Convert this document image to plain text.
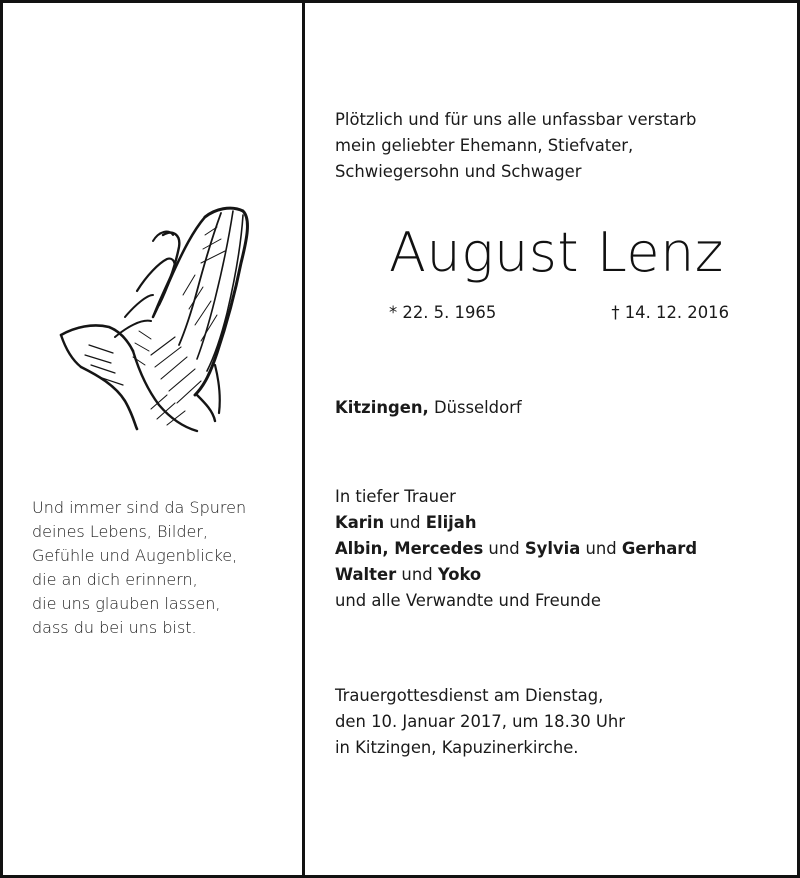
Und immer sind da Spuren
deines Lebens, Bilder,
Gefühle und Augenblicke,
die an dich erinnern,
die uns glauben lassen,
dass du bei uns bist.
Plötzlich und für uns alle unfassbar verstarb
mein geliebter Ehemann, Stiefvater,
Schwiegersohn und Schwager
August Lenz
* 22. 5. 1965	† 14. 12. 2016
Kitzingen, Düsseldorf
In tiefer Trauer
Karin und Elijah
Albin, Mercedes und Sylvia und Gerhard
Walter und Yoko
und alle Verwandte und Freunde
Trauergottesdienst am Dienstag,
den 10. Januar 2017, um 18.30 Uhr
in Kitzingen, Kapuzinerkirche.
